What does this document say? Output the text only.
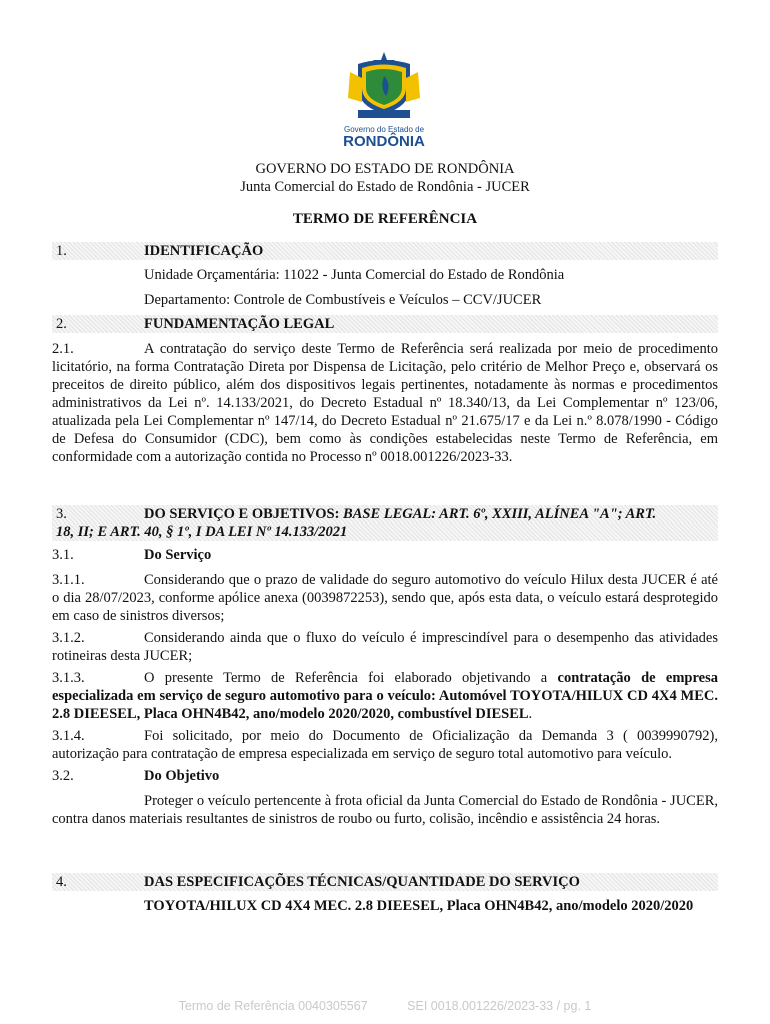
Governo do Estado de
RONDÔNIA
GOVERNO DO ESTADO DE RONDÔNIA
Junta Comercial do Estado de Rondônia - JUCER
TERMO DE REFERÊNCIA
1.	IDENTIFICAÇÃO
Unidade Orçamentária: 11022 - Junta Comercial do Estado de Rondônia
Departamento: Controle de Combustíveis e Veículos – CCV/JUCER
2.	FUNDAMENTAÇÃO LEGAL
2.1.	A contratação do serviço deste Termo de Referência será realizada por meio de procedimento licitatório, na forma Contratação Direta por Dispensa de Licitação, pelo critério de Melhor Preço e, observará os preceitos de direito público, além dos dispositivos legais pertinentes, notadamente às normas e procedimentos administrativos da Lei nº. 14.133/2021, do Decreto Estadual nº 18.340/13, da Lei Complementar nº 123/06, atualizada pela Lei Complementar nº 147/14, do Decreto Estadual nº 21.675/17 e da Lei n.º 8.078/1990 - Código de Defesa do Consumidor (CDC), bem como às condições estabelecidas neste Termo de Referência, em conformidade com a autorização contida no Processo nº 0018.001226/2023-33.
3.	DO SERVIÇO E OBJETIVOS: BASE LEGAL: ART. 6º, XXIII, ALÍNEA "A"; ART.
18, II; E ART. 40, § 1º, I DA LEI Nº 14.133/2021
3.1.	Do Serviço
3.1.1.	Considerando que o prazo de validade do seguro automotivo do veículo Hilux desta JUCER é até o dia 28/07/2023, conforme apólice anexa (0039872253), sendo que, após esta data, o veículo estará desprotegido em caso de sinistros diversos;
3.1.2.	Considerando ainda que o fluxo do veículo é imprescindível para o desempenho das atividades rotineiras desta JUCER;
3.1.3.	O presente Termo de Referência foi elaborado objetivando a contratação de empresa especializada em serviço de seguro automotivo para o veículo: Automóvel TOYOTA/HILUX CD 4X4 MEC. 2.8 DIEESEL, Placa OHN4B42, ano/modelo 2020/2020, combustível DIESEL.
3.1.4.	Foi solicitado, por meio do Documento de Oficialização da Demanda 3 ( 0039990792), autorização para contratação de empresa especializada em serviço de seguro total automotivo para veículo.
3.2.	Do Objetivo
Proteger o veículo pertencente à frota oficial da Junta Comercial do Estado de Rondônia - JUCER, contra danos materiais resultantes de sinistros de roubo ou furto, colisão, incêndio e assistência 24 horas.
4.	DAS ESPECIFICAÇÕES TÉCNICAS/QUANTIDADE DO SERVIÇO
TOYOTA/HILUX CD 4X4 MEC. 2.8 DIEESEL, Placa OHN4B42, ano/modelo 2020/2020
Termo de Referência 0040305567	SEI 0018.001226/2023-33 / pg. 1
